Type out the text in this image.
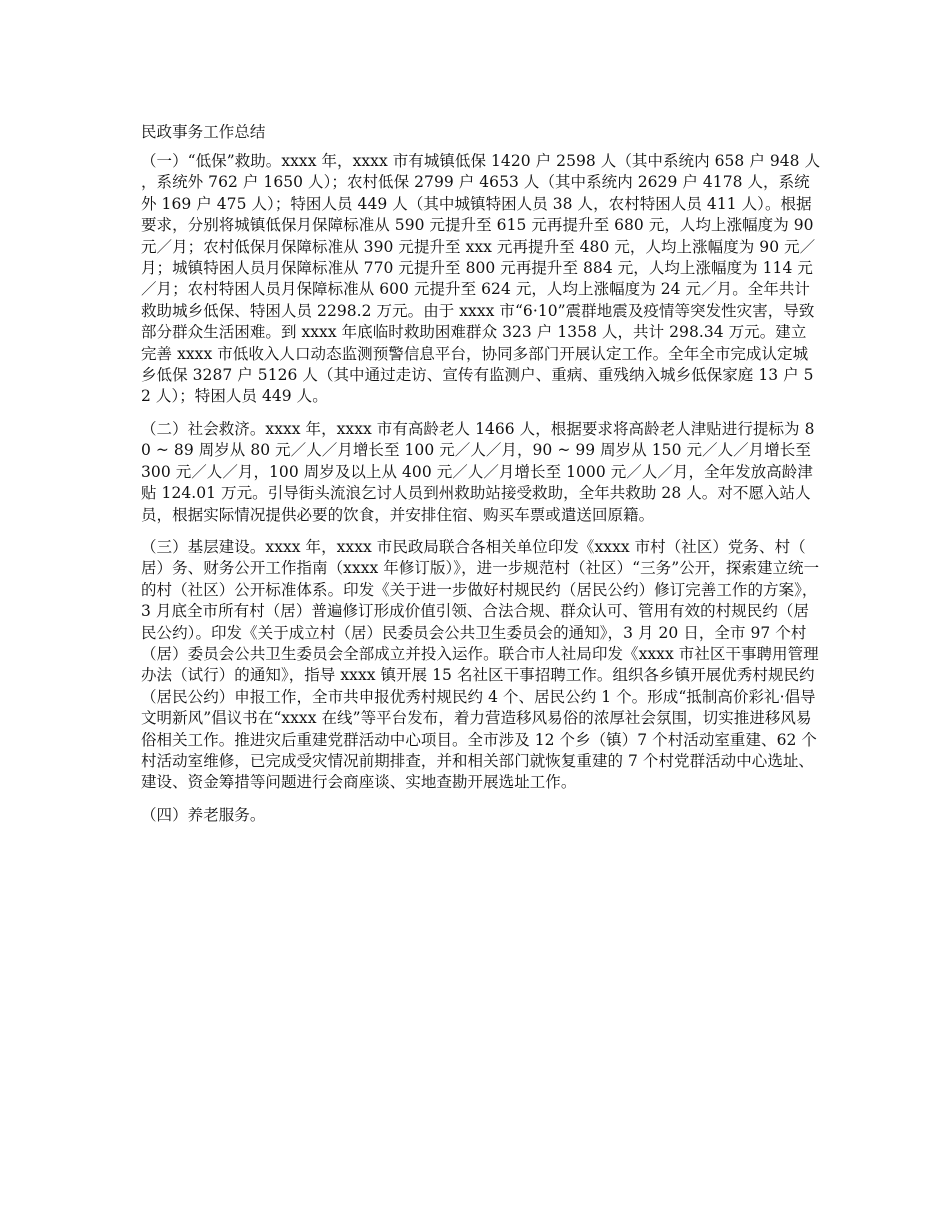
民政事务工作总结

（一）“低保”救助。xxxx 年，xxxx 市有城镇低保 1420 户 2598 人（其中系统内 658 户 948 人，系统外 762 户 1650 人）；农村低保 2799 户 4653 人（其中系统内 2629 户 4178 人，系统外 169 户 475 人）；特困人员 449 人（其中城镇特困人员 38 人，农村特困人员 411 人）。根据要求，分别将城镇低保月保障标准从 590 元提升至 615 元再提升至 680 元，人均上涨幅度为 90 元／月；农村低保月保障标准从 390 元提升至 xxx 元再提升至 480 元，人均上涨幅度为 90 元／月；城镇特困人员月保障标准从 770 元提升至 800 元再提升至 884 元，人均上涨幅度为 114 元／月；农村特困人员月保障标准从 600 元提升至 624 元，人均上涨幅度为 24 元／月。全年共计救助城乡低保、特困人员 2298.2 万元。由于 xxxx 市“6·10”震群地震及疫情等突发性灾害，导致部分群众生活困难。到 xxxx 年底临时救助困难群众 323 户 1358 人，共计 298.34 万元。建立完善 xxxx 市低收入人口动态监测预警信息平台，协同多部门开展认定工作。全年全市完成认定城乡低保 3287 户 5126 人（其中通过走访、宣传有监测户、重病、重残纳入城乡低保家庭 13 户 52 人）；特困人员 449 人。

（二）社会救济。xxxx 年，xxxx 市有高龄老人 1466 人，根据要求将高龄老人津贴进行提标为 80 ~ 89 周岁从 80 元／人／月增长至 100 元／人／月，90 ~ 99 周岁从 150 元／人／月增长至 300 元／人／月，100 周岁及以上从 400 元／人／月增长至 1000 元／人／月，全年发放高龄津贴 124.01 万元。引导街头流浪乞讨人员到州救助站接受救助，全年共救助 28 人。对不愿入站人员，根据实际情况提供必要的饮食，并安排住宿、购买车票或遣送回原籍。

（三）基层建设。xxxx 年，xxxx 市民政局联合各相关单位印发《xxxx 市村（社区）党务、村（居）务、财务公开工作指南（xxxx 年修订版）》，进一步规范村（社区）“三务”公开，探索建立统一的村（社区）公开标准体系。印发《关于进一步做好村规民约（居民公约）修订完善工作的方案》，3 月底全市所有村（居）普遍修订形成价值引领、合法合规、群众认可、管用有效的村规民约（居民公约）。印发《关于成立村（居）民委员会公共卫生委员会的通知》，3 月 20 日，全市 97 个村（居）委员会公共卫生委员会全部成立并投入运作。联合市人社局印发《xxxx 市社区干事聘用管理办法（试行）的通知》，指导 xxxx 镇开展 15 名社区干事招聘工作。组织各乡镇开展优秀村规民约（居民公约）申报工作，全市共申报优秀村规民约 4 个、居民公约 1 个。形成“抵制高价彩礼·倡导文明新风”倡议书在“xxxx 在线”等平台发布，着力营造移风易俗的浓厚社会氛围，切实推进移风易俗相关工作。推进灾后重建党群活动中心项目。全市涉及 12 个乡（镇）7 个村活动室重建、62 个村活动室维修，已完成受灾情况前期排查，并和相关部门就恢复重建的 7 个村党群活动中心选址、建设、资金筹措等问题进行会商座谈、实地查勘开展选址工作。

（四）养老服务。
